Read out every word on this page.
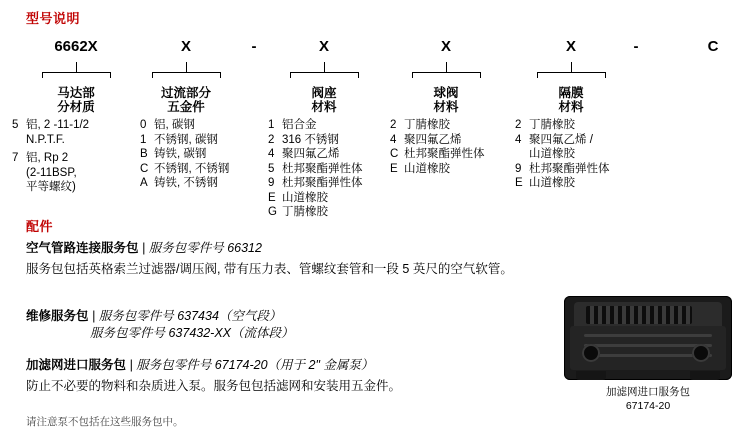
型号说明
6662X	X	-	X	X	X	-	C
马达部
分材质
过流部分
五金件
阀座
材料
球阀
材料
隔膜
材料
5 铝, 2 -11-1/2
N.P.T.F.
7 铝, Rp 2
(2-11BSP,
平等螺纹)
0 铝, 碳钢
1 不锈钢, 碳钢
B 铸铁, 碳钢
C 不锈钢, 不锈钢
A 铸铁, 不锈钢
1 铝合金
2 316 不锈钢
4 聚四氟乙烯
5 杜邦聚酯弹性体
9 杜邦聚酯弹性体
E 山道橡胶
G 丁腈橡胶
2 丁腈橡胶
4 聚四氟乙烯
C 杜邦聚酯弹性体
E 山道橡胶
2 丁腈橡胶
4 聚四氟乙烯 /
山道橡胶
9 杜邦聚酯弹性体
E 山道橡胶
配件
空气管路连接服务包 | 服务包零件号 66312
服务包包括英格索兰过滤器/调压阀, 带有压力表、管螺纹套管和一段 5 英尺的空气软管。
维修服务包 | 服务包零件号 637434（空气段）
服务包零件号 637432-XX（流体段）
加滤网进口服务包 | 服务包零件号 67174-20（用于 2" 金属泵）
防止不必要的物料和杂质进入泵。服务包包括滤网和安装用五金件。
请注意泵不包括在这些服务包中。
加滤网进口服务包
67174-20
